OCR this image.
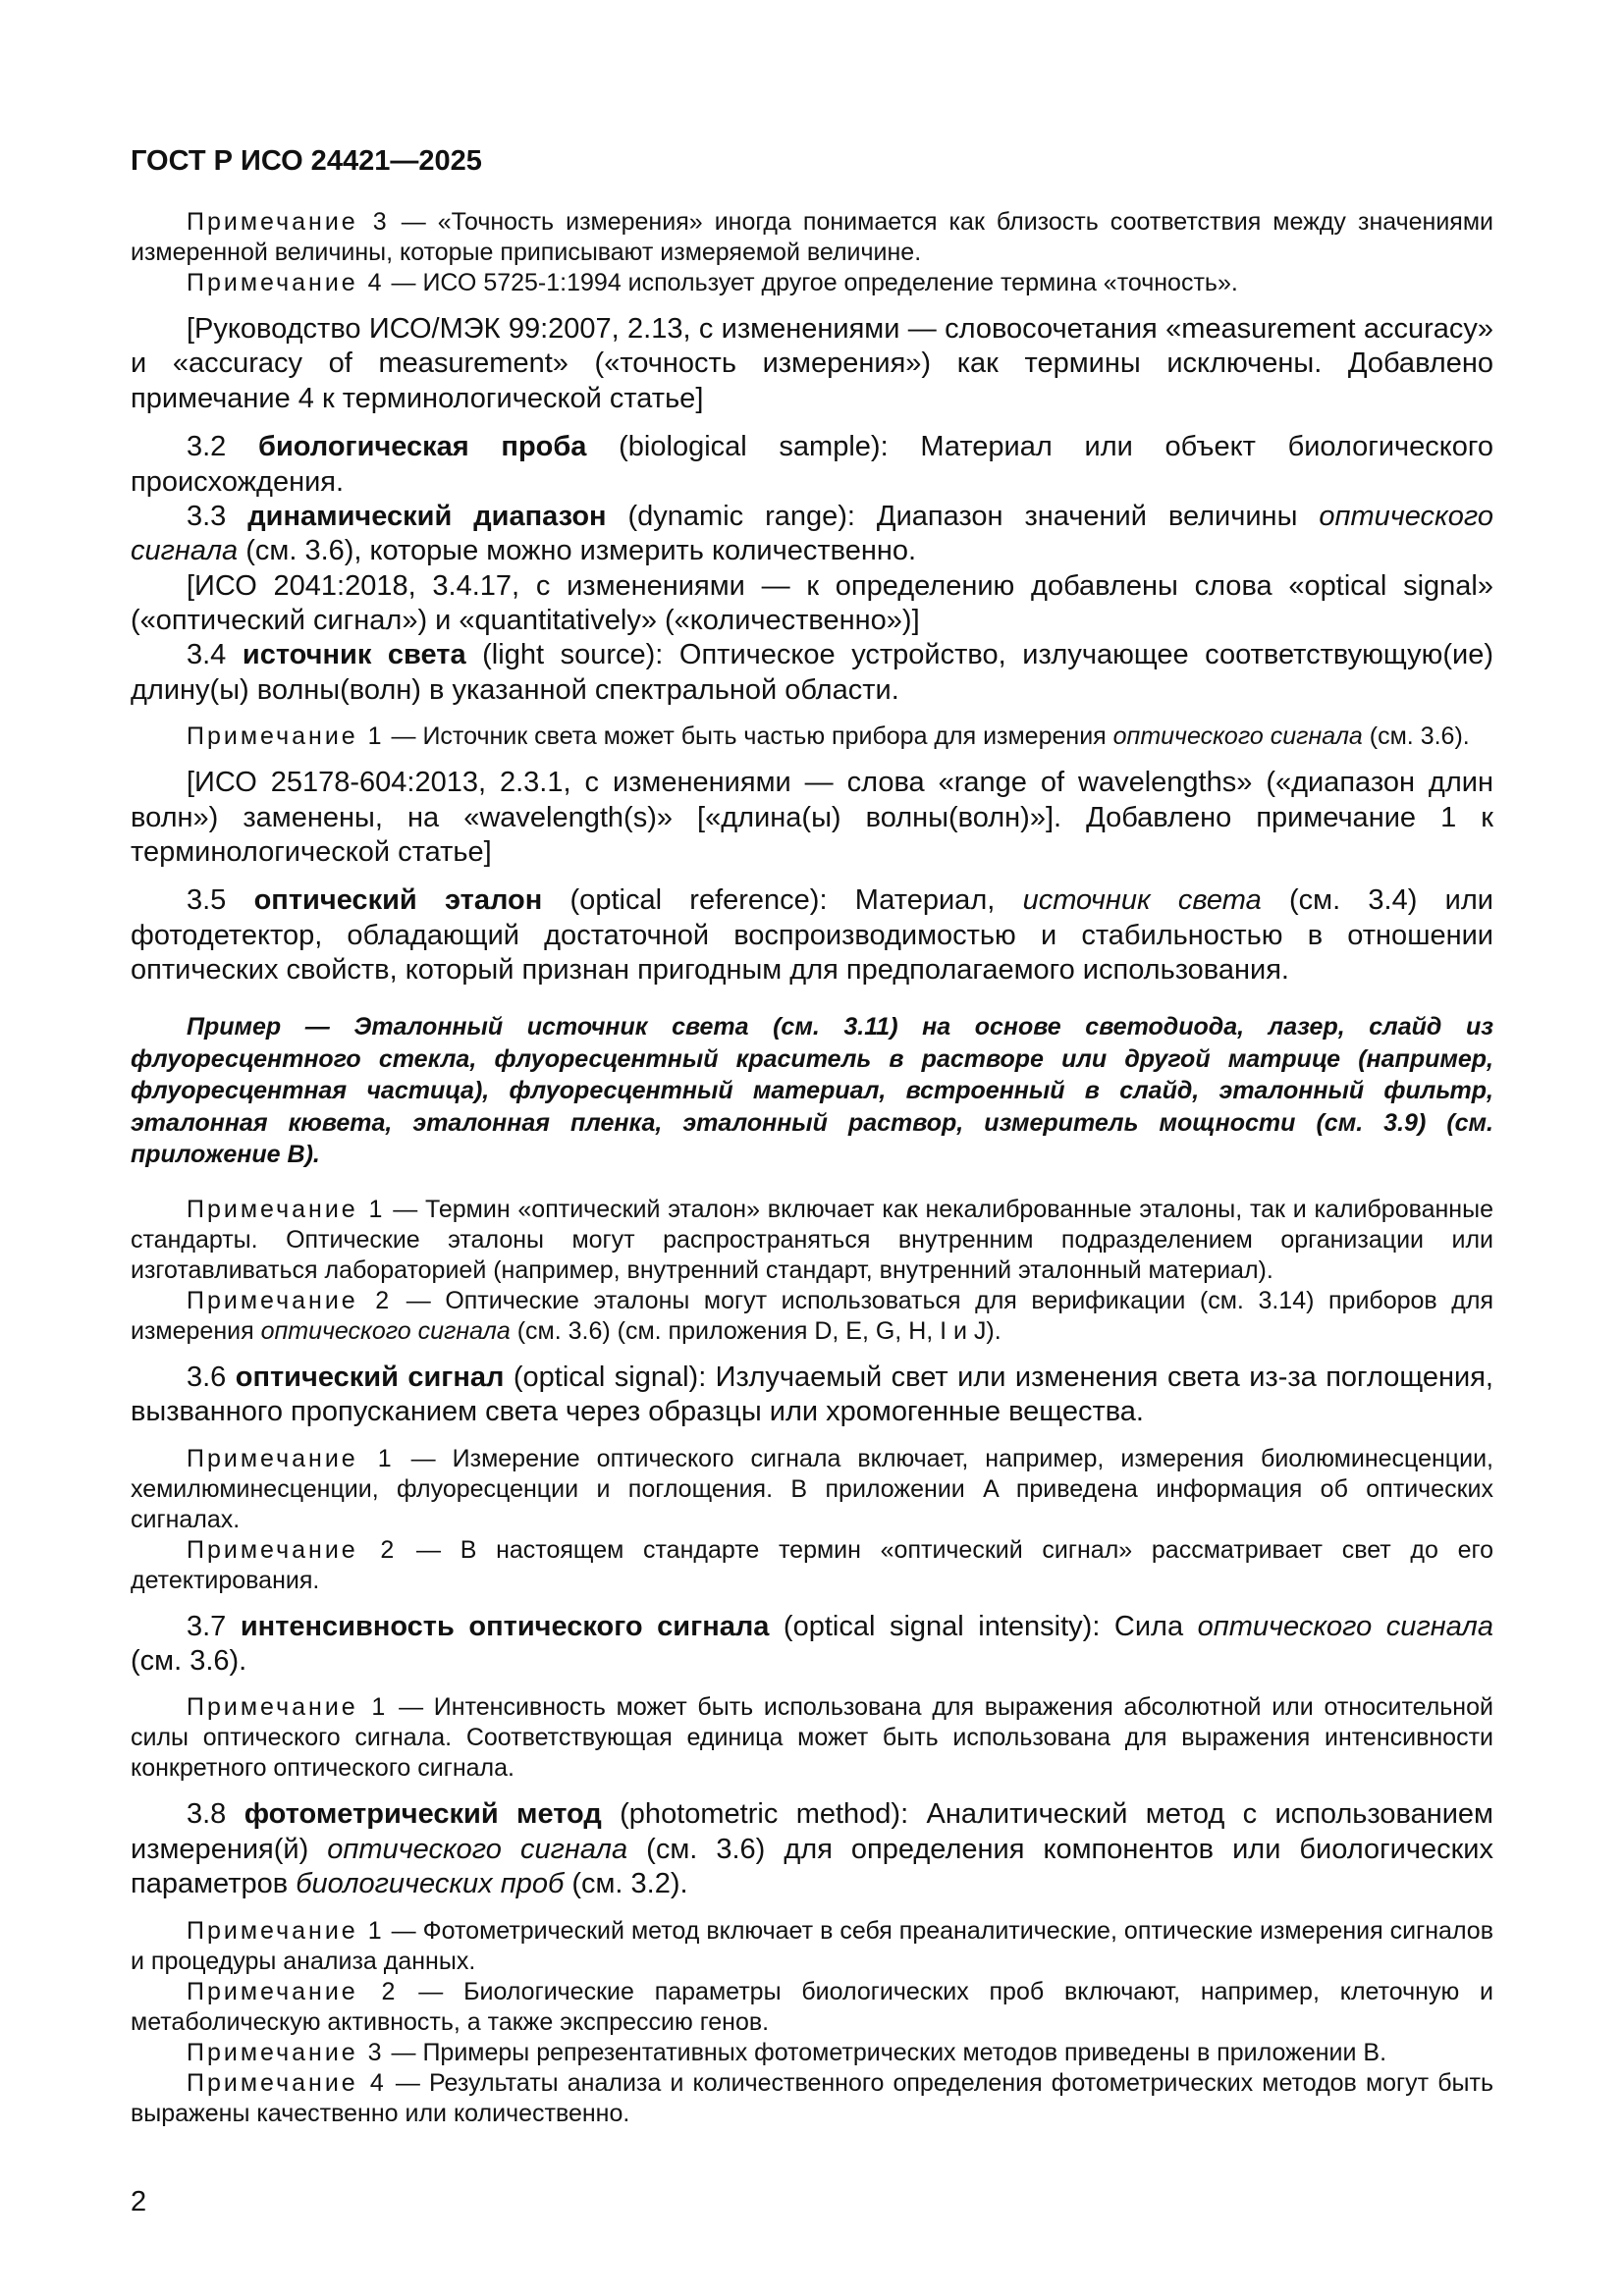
ГОСТ Р ИСО 24421—2025

Примечание 3 — «Точность измерения» иногда понимается как близость соответствия между значениями измеренной величины, которые приписывают измеряемой величине.

Примечание 4 — ИСО 5725-1:1994 использует другое определение термина «точность».

[Руководство ИСО/МЭК 99:2007, 2.13, с изменениями — словосочетания «measurement accuracy» и «accuracy of measurement» («точность измерения») как термины исключены. Добавлено примечание 4 к терминологической статье]

3.2 биологическая проба (biological sample): Материал или объект биологического происхождения.

3.3 динамический диапазон (dynamic range): Диапазон значений величины оптического сигнала (см. 3.6), которые можно измерить количественно.

[ИСО 2041:2018, 3.4.17, с изменениями — к определению добавлены слова «optical signal» («оптический сигнал») и «quantitatively» («количественно»)]

3.4 источник света (light source): Оптическое устройство, излучающее соответствующую(ие) длину(ы) волны(волн) в указанной спектральной области.

Примечание 1 — Источник света может быть частью прибора для измерения оптического сигнала (см. 3.6).

[ИСО 25178-604:2013, 2.3.1, с изменениями — слова «range of wavelengths» («диапазон длин волн») заменены, на «wavelength(s)» [«длина(ы) волны(волн)»]. Добавлено примечание 1 к терминологической статье]

3.5 оптический эталон (optical reference): Материал, источник света (см. 3.4) или фотодетектор, обладающий достаточной воспроизводимостью и стабильностью в отношении оптических свойств, который признан пригодным для предполагаемого использования.

Пример — Эталонный источник света (см. 3.11) на основе светодиода, лазер, слайд из флуоресцентного стекла, флуоресцентный краситель в растворе или другой матрице (например, флуоресцентная частица), флуоресцентный материал, встроенный в слайд, эталонный фильтр, эталонная кювета, эталонная пленка, эталонный раствор, измеритель мощности (см. 3.9) (см. приложение B).

Примечание 1 — Термин «оптический эталон» включает как некалиброванные эталоны, так и калиброванные стандарты. Оптические эталоны могут распространяться внутренним подразделением организации или изготавливаться лабораторией (например, внутренний стандарт, внутренний эталонный материал).

Примечание 2 — Оптические эталоны могут использоваться для верификации (см. 3.14) приборов для измерения оптического сигнала (см. 3.6) (см. приложения D, E, G, H, I и J).

3.6 оптический сигнал (optical signal): Излучаемый свет или изменения света из-за поглощения, вызванного пропусканием света через образцы или хромогенные вещества.

Примечание 1 — Измерение оптического сигнала включает, например, измерения биолюминесценции, хемилюминесценции, флуоресценции и поглощения. В приложении A приведена информация об оптических сигналах.

Примечание 2 — В настоящем стандарте термин «оптический сигнал» рассматривает свет до его детектирования.

3.7 интенсивность оптического сигнала (optical signal intensity): Сила оптического сигнала (см. 3.6).

Примечание 1 — Интенсивность может быть использована для выражения абсолютной или относительной силы оптического сигнала. Соответствующая единица может быть использована для выражения интенсивности конкретного оптического сигнала.

3.8 фотометрический метод (photometric method): Аналитический метод с использованием измерения(й) оптического сигнала (см. 3.6) для определения компонентов или биологических параметров биологических проб (см. 3.2).

Примечание 1 — Фотометрический метод включает в себя преаналитические, оптические измерения сигналов и процедуры анализа данных.

Примечание 2 — Биологические параметры биологических проб включают, например, клеточную и метаболическую активность, а также экспрессию генов.

Примечание 3 — Примеры репрезентативных фотометрических методов приведены в приложении B.

Примечание 4 — Результаты анализа и количественного определения фотометрических методов могут быть выражены качественно или количественно.

2
